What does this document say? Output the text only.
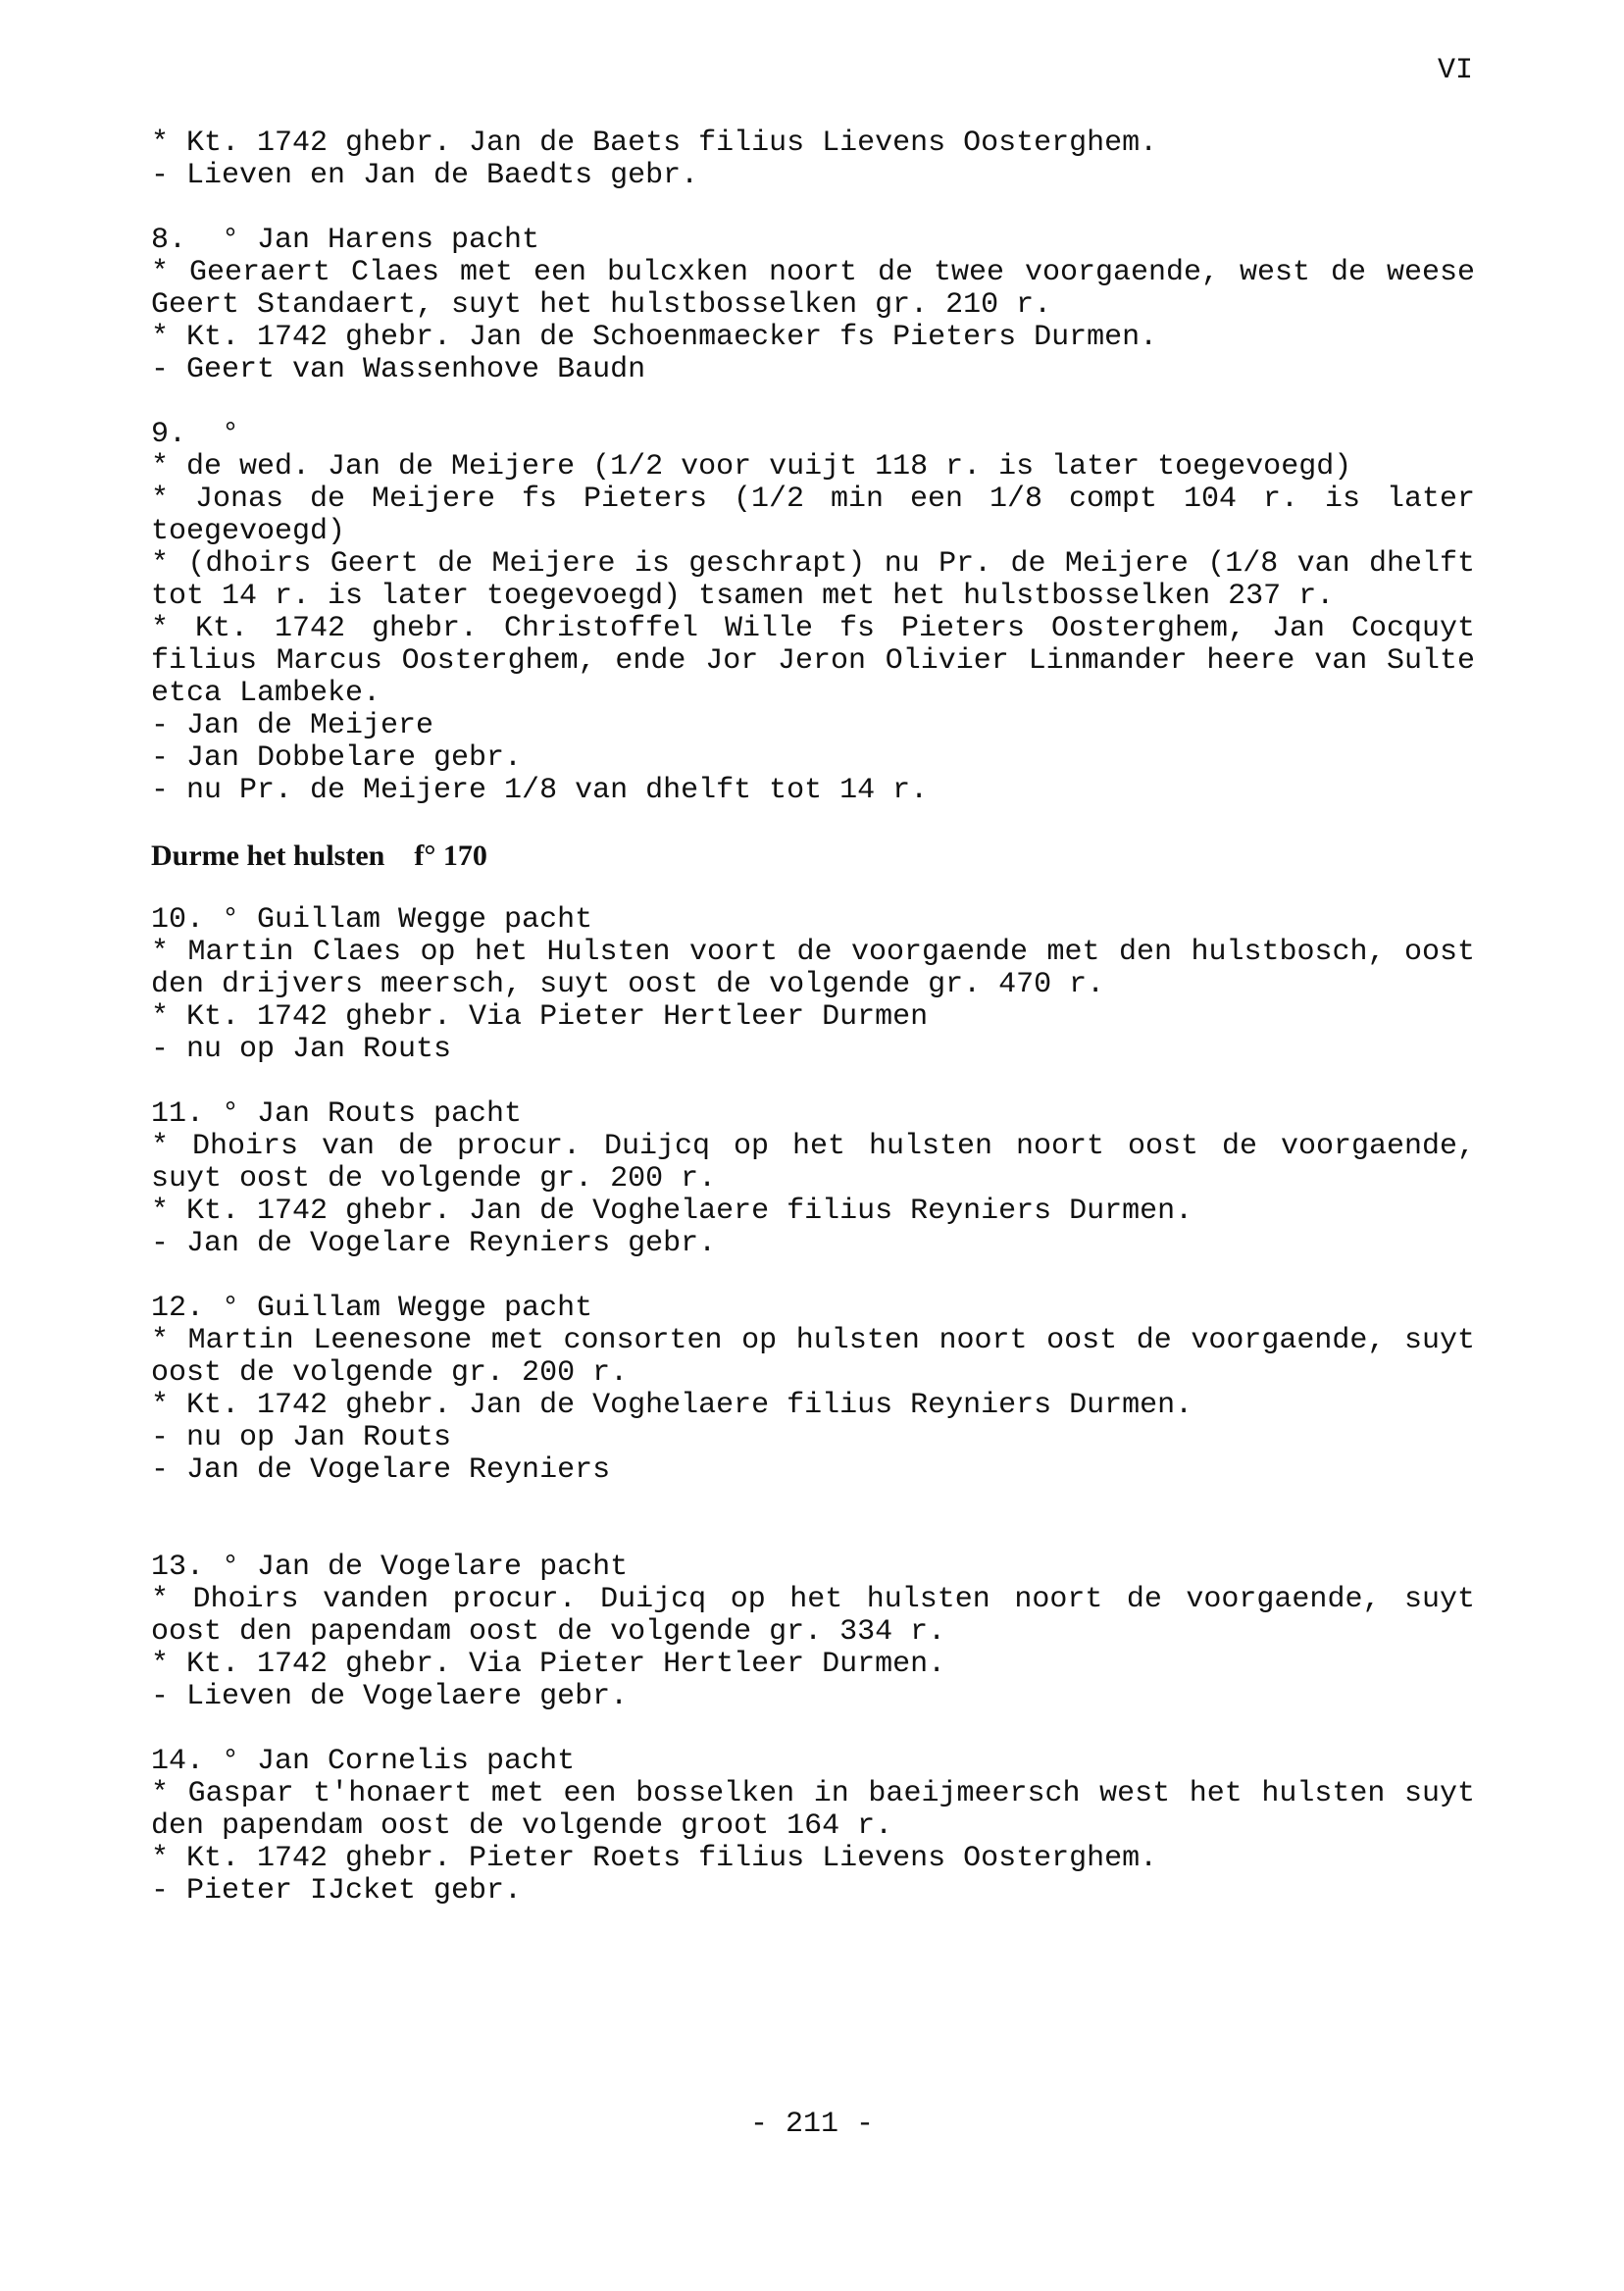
VI
* Kt. 1742 ghebr. Jan de Baets filius Lievens Oosterghem.
- Lieven en Jan de Baedts gebr.
8.  ° Jan Harens pacht
* Geeraert Claes met een bulcxken noort de twee voorgaende, west de weese Geert Standaert, suyt het hulstbosselken gr. 210 r.
* Kt. 1742 ghebr. Jan de Schoenmaecker fs Pieters Durmen.
- Geert van Wassenhove Baudn
9.  °
* de wed. Jan de Meijere (1/2 voor vuijt 118 r. is later toegevoegd)
* Jonas de Meijere fs Pieters (1/2 min een 1/8 compt 104 r. is later toegevoegd)
* (dhoirs Geert de Meijere is geschrapt) nu Pr. de Meijere (1/8 van dhelft tot 14 r. is later toegevoegd) tsamen met het hulstbosselken 237 r.
* Kt. 1742 ghebr. Christoffel Wille fs Pieters Oosterghem, Jan Cocquyt filius Marcus Oosterghem, ende Jor Jeron Olivier Linmander heere van Sulte etca Lambeke.
- Jan de Meijere
- Jan Dobbelare gebr.
- nu Pr. de Meijere 1/8 van dhelft tot 14 r.
Durme het hulsten    f° 170
10. ° Guillam Wegge pacht
* Martin Claes op het Hulsten voort de voorgaende met den hulstbosch, oost den drijvers meersch, suyt oost de volgende gr. 470 r.
* Kt. 1742 ghebr. Via Pieter Hertleer Durmen
- nu op Jan Routs
11. ° Jan Routs pacht
* Dhoirs van de procur. Duijcq op het hulsten noort oost de voorgaende, suyt oost de volgende gr. 200 r.
* Kt. 1742 ghebr. Jan de Voghelaere filius Reyniers Durmen.
- Jan de Vogelare Reyniers gebr.
12. ° Guillam Wegge pacht
* Martin Leenesone met consorten op hulsten noort oost de voorgaende, suyt oost de volgende gr. 200 r.
* Kt. 1742 ghebr. Jan de Voghelaere filius Reyniers Durmen.
- nu op Jan Routs
- Jan de Vogelare Reyniers
13. ° Jan de Vogelare pacht
* Dhoirs vanden procur. Duijcq op het hulsten noort de voorgaende, suyt oost den papendam oost de volgende gr. 334 r.
* Kt. 1742 ghebr. Via Pieter Hertleer Durmen.
- Lieven de Vogelaere gebr.
14. ° Jan Cornelis pacht
* Gaspar t'honaert met een bosselken in baeijmeersch west het hulsten suyt den papendam oost de volgende groot 164 r.
* Kt. 1742 ghebr. Pieter Roets filius Lievens Oosterghem.
- Pieter IJcket gebr.
- 211 -
